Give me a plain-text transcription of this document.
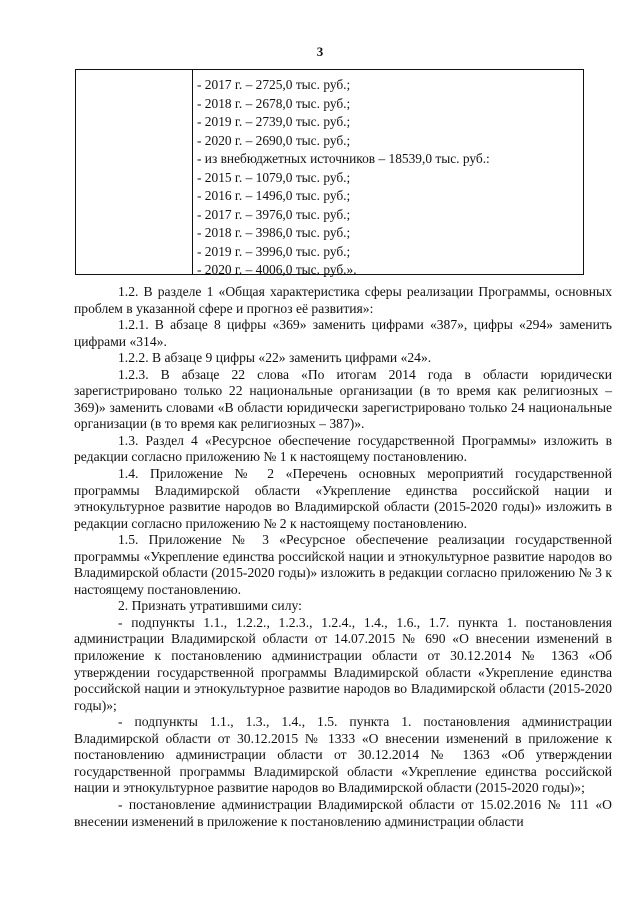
3
- 2017 г. – 2725,0 тыс. руб.;
- 2018 г. – 2678,0 тыс. руб.;
- 2019 г. – 2739,0 тыс. руб.;
- 2020 г. – 2690,0 тыс. руб.;
- из внебюджетных источников – 18539,0 тыс. руб.:
- 2015 г. – 1079,0 тыс. руб.;
- 2016 г. – 1496,0 тыс. руб.;
- 2017 г. – 3976,0 тыс. руб.;
- 2018 г. – 3986,0 тыс. руб.;
- 2019 г. – 3996,0 тыс. руб.;
- 2020 г. – 4006,0 тыс. руб.».

1.2. В разделе 1 «Общая характеристика сферы реализации Программы, основных проблем в указанной сфере и прогноз её развития»:

1.2.1. В абзаце 8 цифры «369» заменить цифрами «387», цифры «294» заменить цифрами «314».

1.2.2. В абзаце 9 цифры «22» заменить цифрами «24».

1.2.3. В абзаце 22 слова «По итогам 2014 года в области юридически зарегистрировано только 22 национальные организации (в то время как религиозных – 369)» заменить словами «В области юридически зарегистрировано только 24 национальные организации (в то время как религиозных – 387)».

1.3. Раздел 4 «Ресурсное обеспечение государственной Программы» изложить в редакции согласно приложению № 1 к настоящему постановлению.

1.4. Приложение № 2 «Перечень основных мероприятий государственной программы Владимирской области «Укрепление единства российской нации и этнокультурное развитие народов во Владимирской области (2015-2020 годы)» изложить в редакции согласно приложению № 2 к настоящему постановлению.

1.5. Приложение № 3 «Ресурсное обеспечение реализации государственной программы «Укрепление единства российской нации и этнокультурное развитие народов во Владимирской области (2015-2020 годы)» изложить в редакции согласно приложению № 3 к настоящему постановлению.

2. Признать утратившими силу:

- подпункты 1.1., 1.2.2., 1.2.3., 1.2.4., 1.4., 1.6., 1.7. пункта 1. постановления администрации Владимирской области от 14.07.2015 № 690 «О внесении изменений в приложение к постановлению администрации области от 30.12.2014 № 1363 «Об утверждении государственной программы Владимирской области «Укрепление единства российской нации и этнокультурное развитие народов во Владимирской области (2015-2020 годы)»;

- подпункты 1.1., 1.3., 1.4., 1.5. пункта 1. постановления администрации Владимирской области от 30.12.2015 № 1333 «О внесении изменений в приложение к постановлению администрации области от 30.12.2014 № 1363 «Об утверждении государственной программы Владимирской области «Укрепление единства российской нации и этнокультурное развитие народов во Владимирской области (2015-2020 годы)»;

- постановление администрации Владимирской области от 15.02.2016 № 111 «О внесении изменений в приложение к постановлению администрации области
